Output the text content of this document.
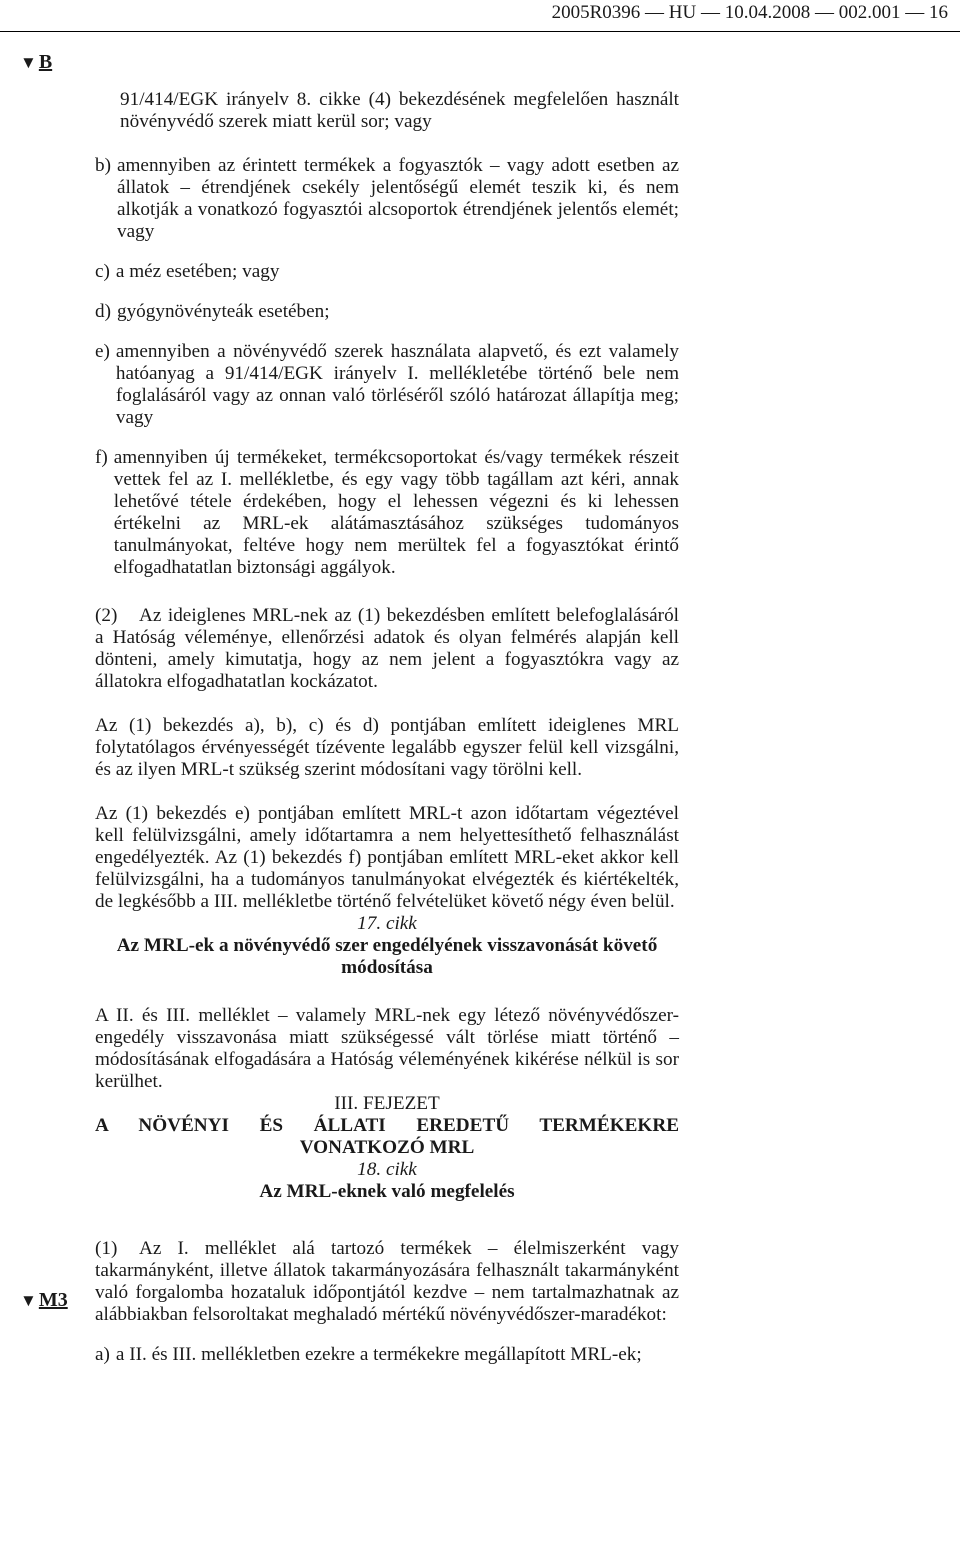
2005R0396 — HU — 10.04.2008 — 002.001 — 16
▼ B
▼ M3

91/414/EGK irányelv 8. cikke (4) bekezdésének megfelelően használt növényvédő szerek miatt kerül sor; vagy

b) amennyiben az érintett termékek a fogyasztók – vagy adott esetben az állatok – étrendjének csekély jelentőségű elemét teszik ki, és nem alkotják a vonatkozó fogyasztói alcsoportok étrendjének jelentős elemét; vagy
c) a méz esetében; vagy
d) gyógynövényteák esetében;
e) amennyiben a növényvédő szerek használata alapvető, és ezt valamely hatóanyag a 91/414/EGK irányelv I. mellékletébe történő bele nem foglalásáról vagy az onnan való törléséről szóló határozat állapítja meg; vagy
f) amennyiben új termékeket, termékcsoportokat és/vagy termékek részeit vettek fel az I. mellékletbe, és egy vagy több tagállam azt kéri, annak lehetővé tétele érdekében, hogy el lehessen végezni és ki lehessen értékelni az MRL-ek alátámasztásához szükséges tudományos tanulmányokat, feltéve hogy nem merültek fel a fogyasztókat érintő elfogadhatatlan biztonsági aggályok.

(2) Az ideiglenes MRL-nek az (1) bekezdésben említett belefoglalásáról a Hatóság véleménye, ellenőrzési adatok és olyan felmérés alapján kell dönteni, amely kimutatja, hogy az nem jelent a fogyasztókra vagy az állatokra elfogadhatatlan kockázatot.

Az (1) bekezdés a), b), c) és d) pontjában említett ideiglenes MRL folytatólagos érvényességét tízévente legalább egyszer felül kell vizsgálni, és az ilyen MRL-t szükség szerint módosítani vagy törölni kell.

Az (1) bekezdés e) pontjában említett MRL-t azon időtartam végeztével kell felülvizsgálni, amely időtartamra a nem helyettesíthető felhasználást engedélyezték. Az (1) bekezdés f) pontjában említett MRL-eket akkor kell felülvizsgálni, ha a tudományos tanulmányokat elvégezték és kiértékelték, de legkésőbb a III. mellékletbe történő felvételüket követő négy éven belül.

17. cikk

Az MRL-ek a növényvédő szer engedélyének visszavonását követő módosítása

A II. és III. melléklet – valamely MRL-nek egy létező növényvédőszer-engedély visszavonása miatt szükségessé vált törlése miatt történő – módosításának elfogadására a Hatóság véleményének kikérése nélkül is sor kerülhet.

III. FEJEZET

A NÖVÉNYI ÉS ÁLLATI EREDETŰ TERMÉKEKRE VONATKOZÓ MRL

18. cikk

Az MRL-eknek való megfelelés

(1) Az I. melléklet alá tartozó termékek – élelmiszerként vagy takarmányként, illetve állatok takarmányozására felhasznált takarmányként való forgalomba hozataluk időpontjától kezdve – nem tartalmazhatnak az alábbiakban felsoroltakat meghaladó mértékű növényvédőszer-maradékot:

a) a II. és III. mellékletben ezekre a termékekre megállapított MRL-ek;
